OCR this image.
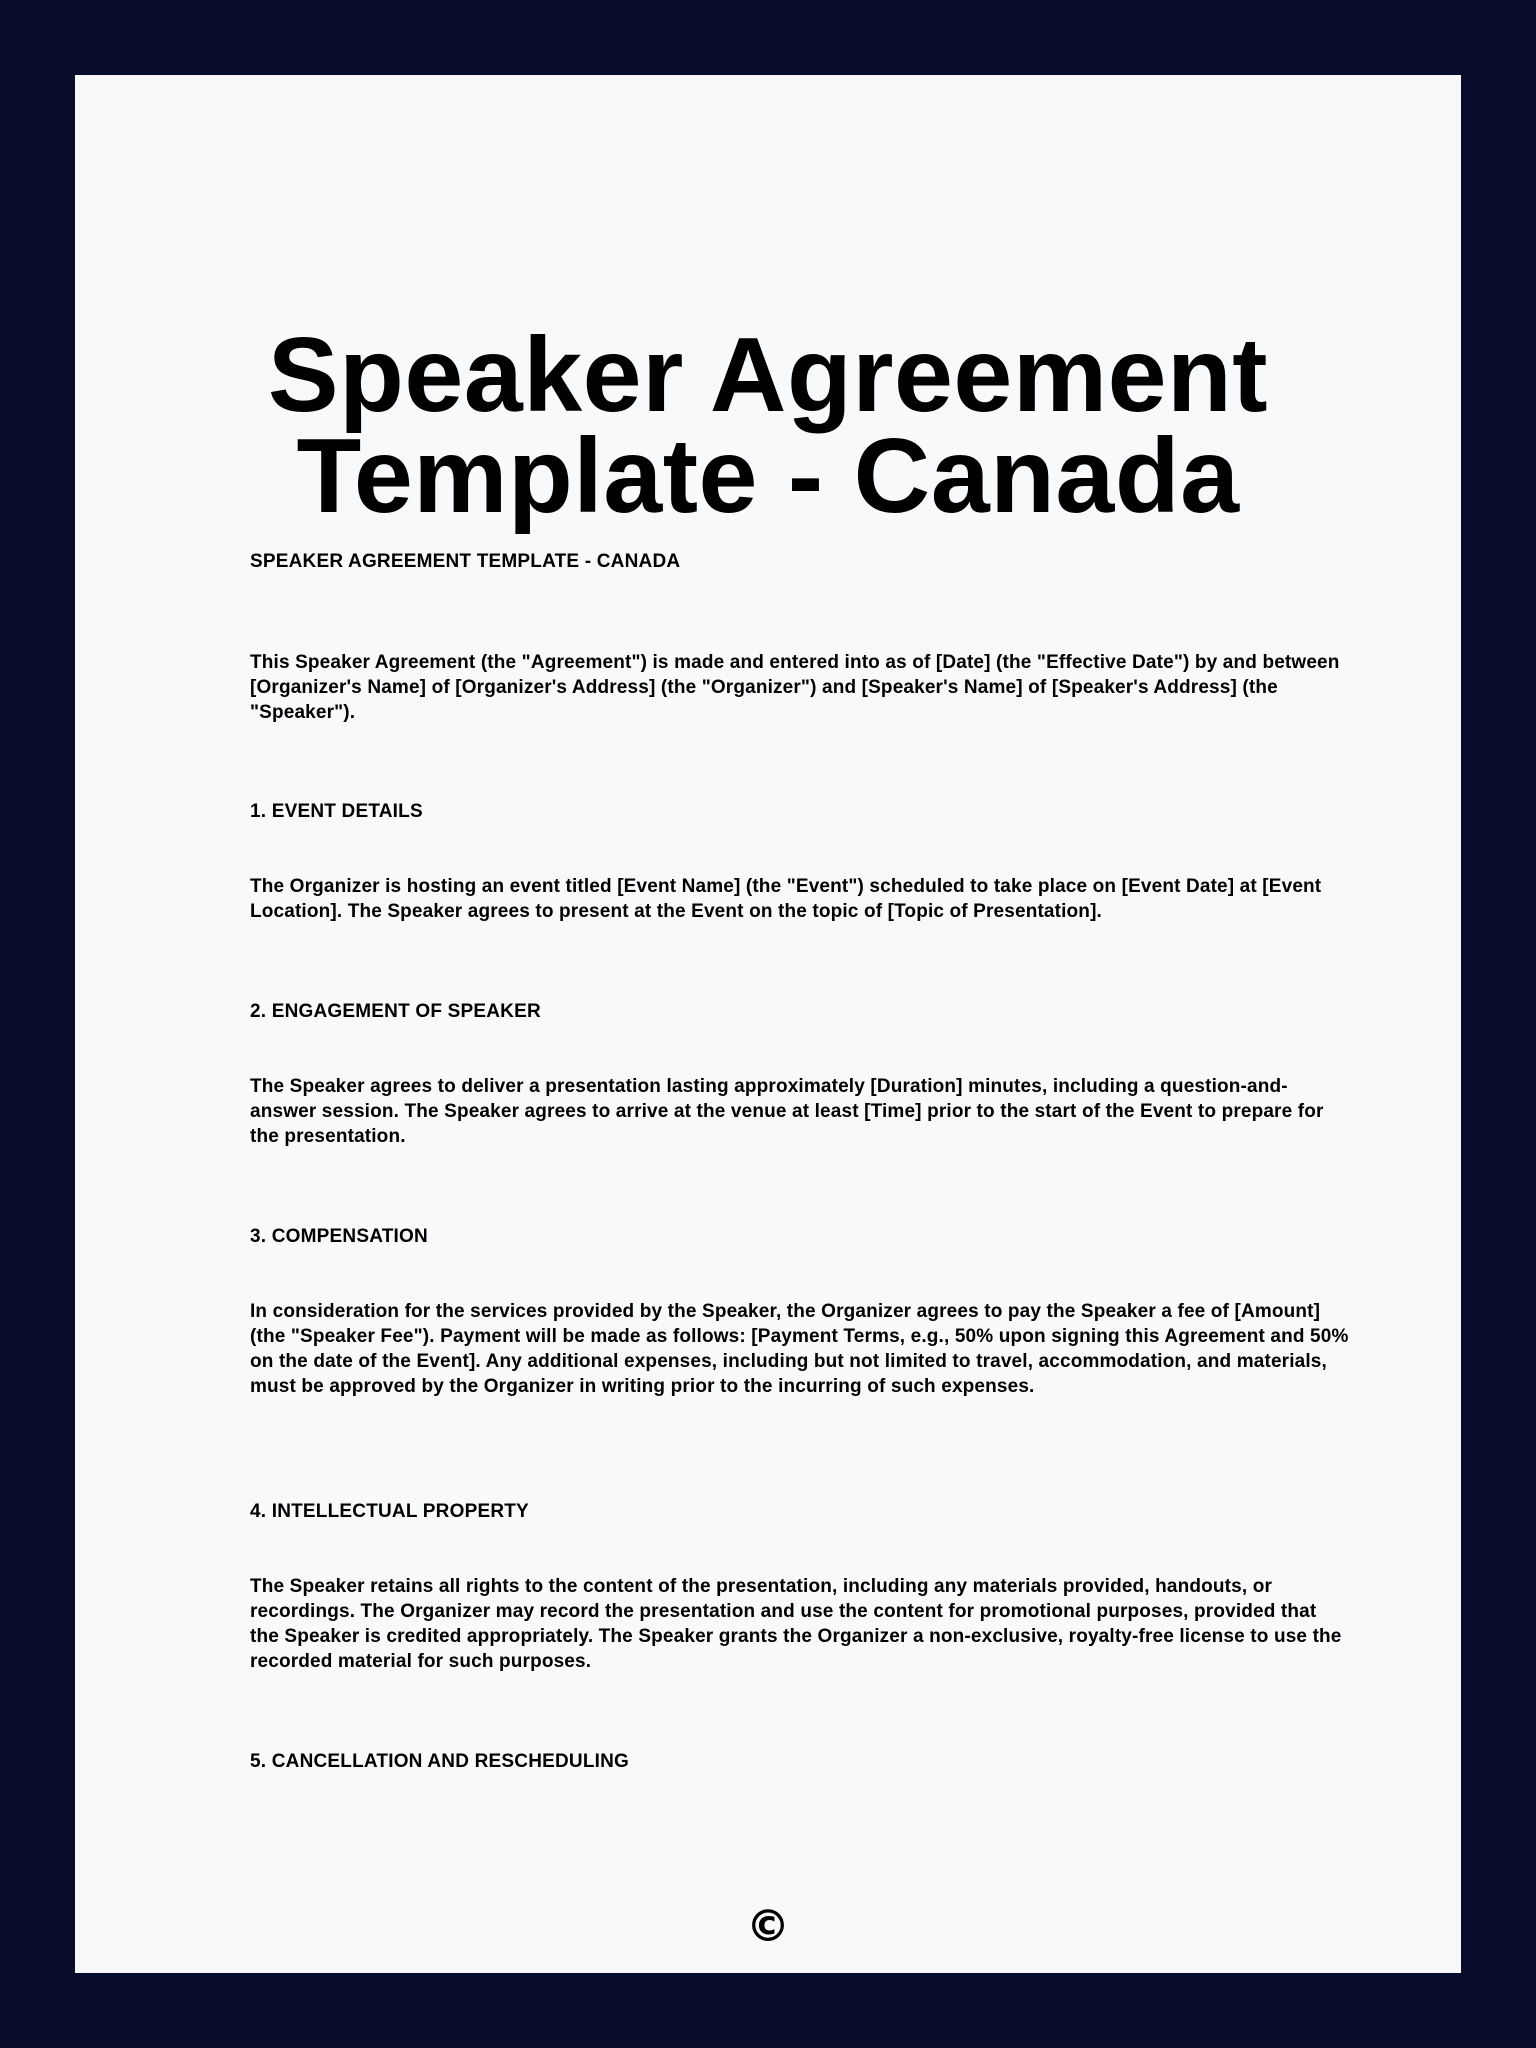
Speaker Agreement
Template - Canada

SPEAKER AGREEMENT TEMPLATE - CANADA

This Speaker Agreement (the "Agreement") is made and entered into as of [Date] (the "Effective Date") by and between [Organizer's Name] of [Organizer's Address] (the "Organizer") and [Speaker's Name] of [Speaker's Address] (the "Speaker").

1. EVENT DETAILS

The Organizer is hosting an event titled [Event Name] (the "Event") scheduled to take place on [Event Date] at [Event Location]. The Speaker agrees to present at the Event on the topic of [Topic of Presentation].

2. ENGAGEMENT OF SPEAKER

The Speaker agrees to deliver a presentation lasting approximately [Duration] minutes, including a question-and-answer session. The Speaker agrees to arrive at the venue at least [Time] prior to the start of the Event to prepare for the presentation.

3. COMPENSATION

In consideration for the services provided by the Speaker, the Organizer agrees to pay the Speaker a fee of [Amount] (the "Speaker Fee"). Payment will be made as follows: [Payment Terms, e.g., 50% upon signing this Agreement and 50% on the date of the Event]. Any additional expenses, including but not limited to travel, accommodation, and materials, must be approved by the Organizer in writing prior to the incurring of such expenses.

4. INTELLECTUAL PROPERTY

The Speaker retains all rights to the content of the presentation, including any materials provided, handouts, or recordings. The Organizer may record the presentation and use the content for promotional purposes, provided that the Speaker is credited appropriately. The Speaker grants the Organizer a non-exclusive, royalty-free license to use the recorded material for such purposes.

5. CANCELLATION AND RESCHEDULING

©
